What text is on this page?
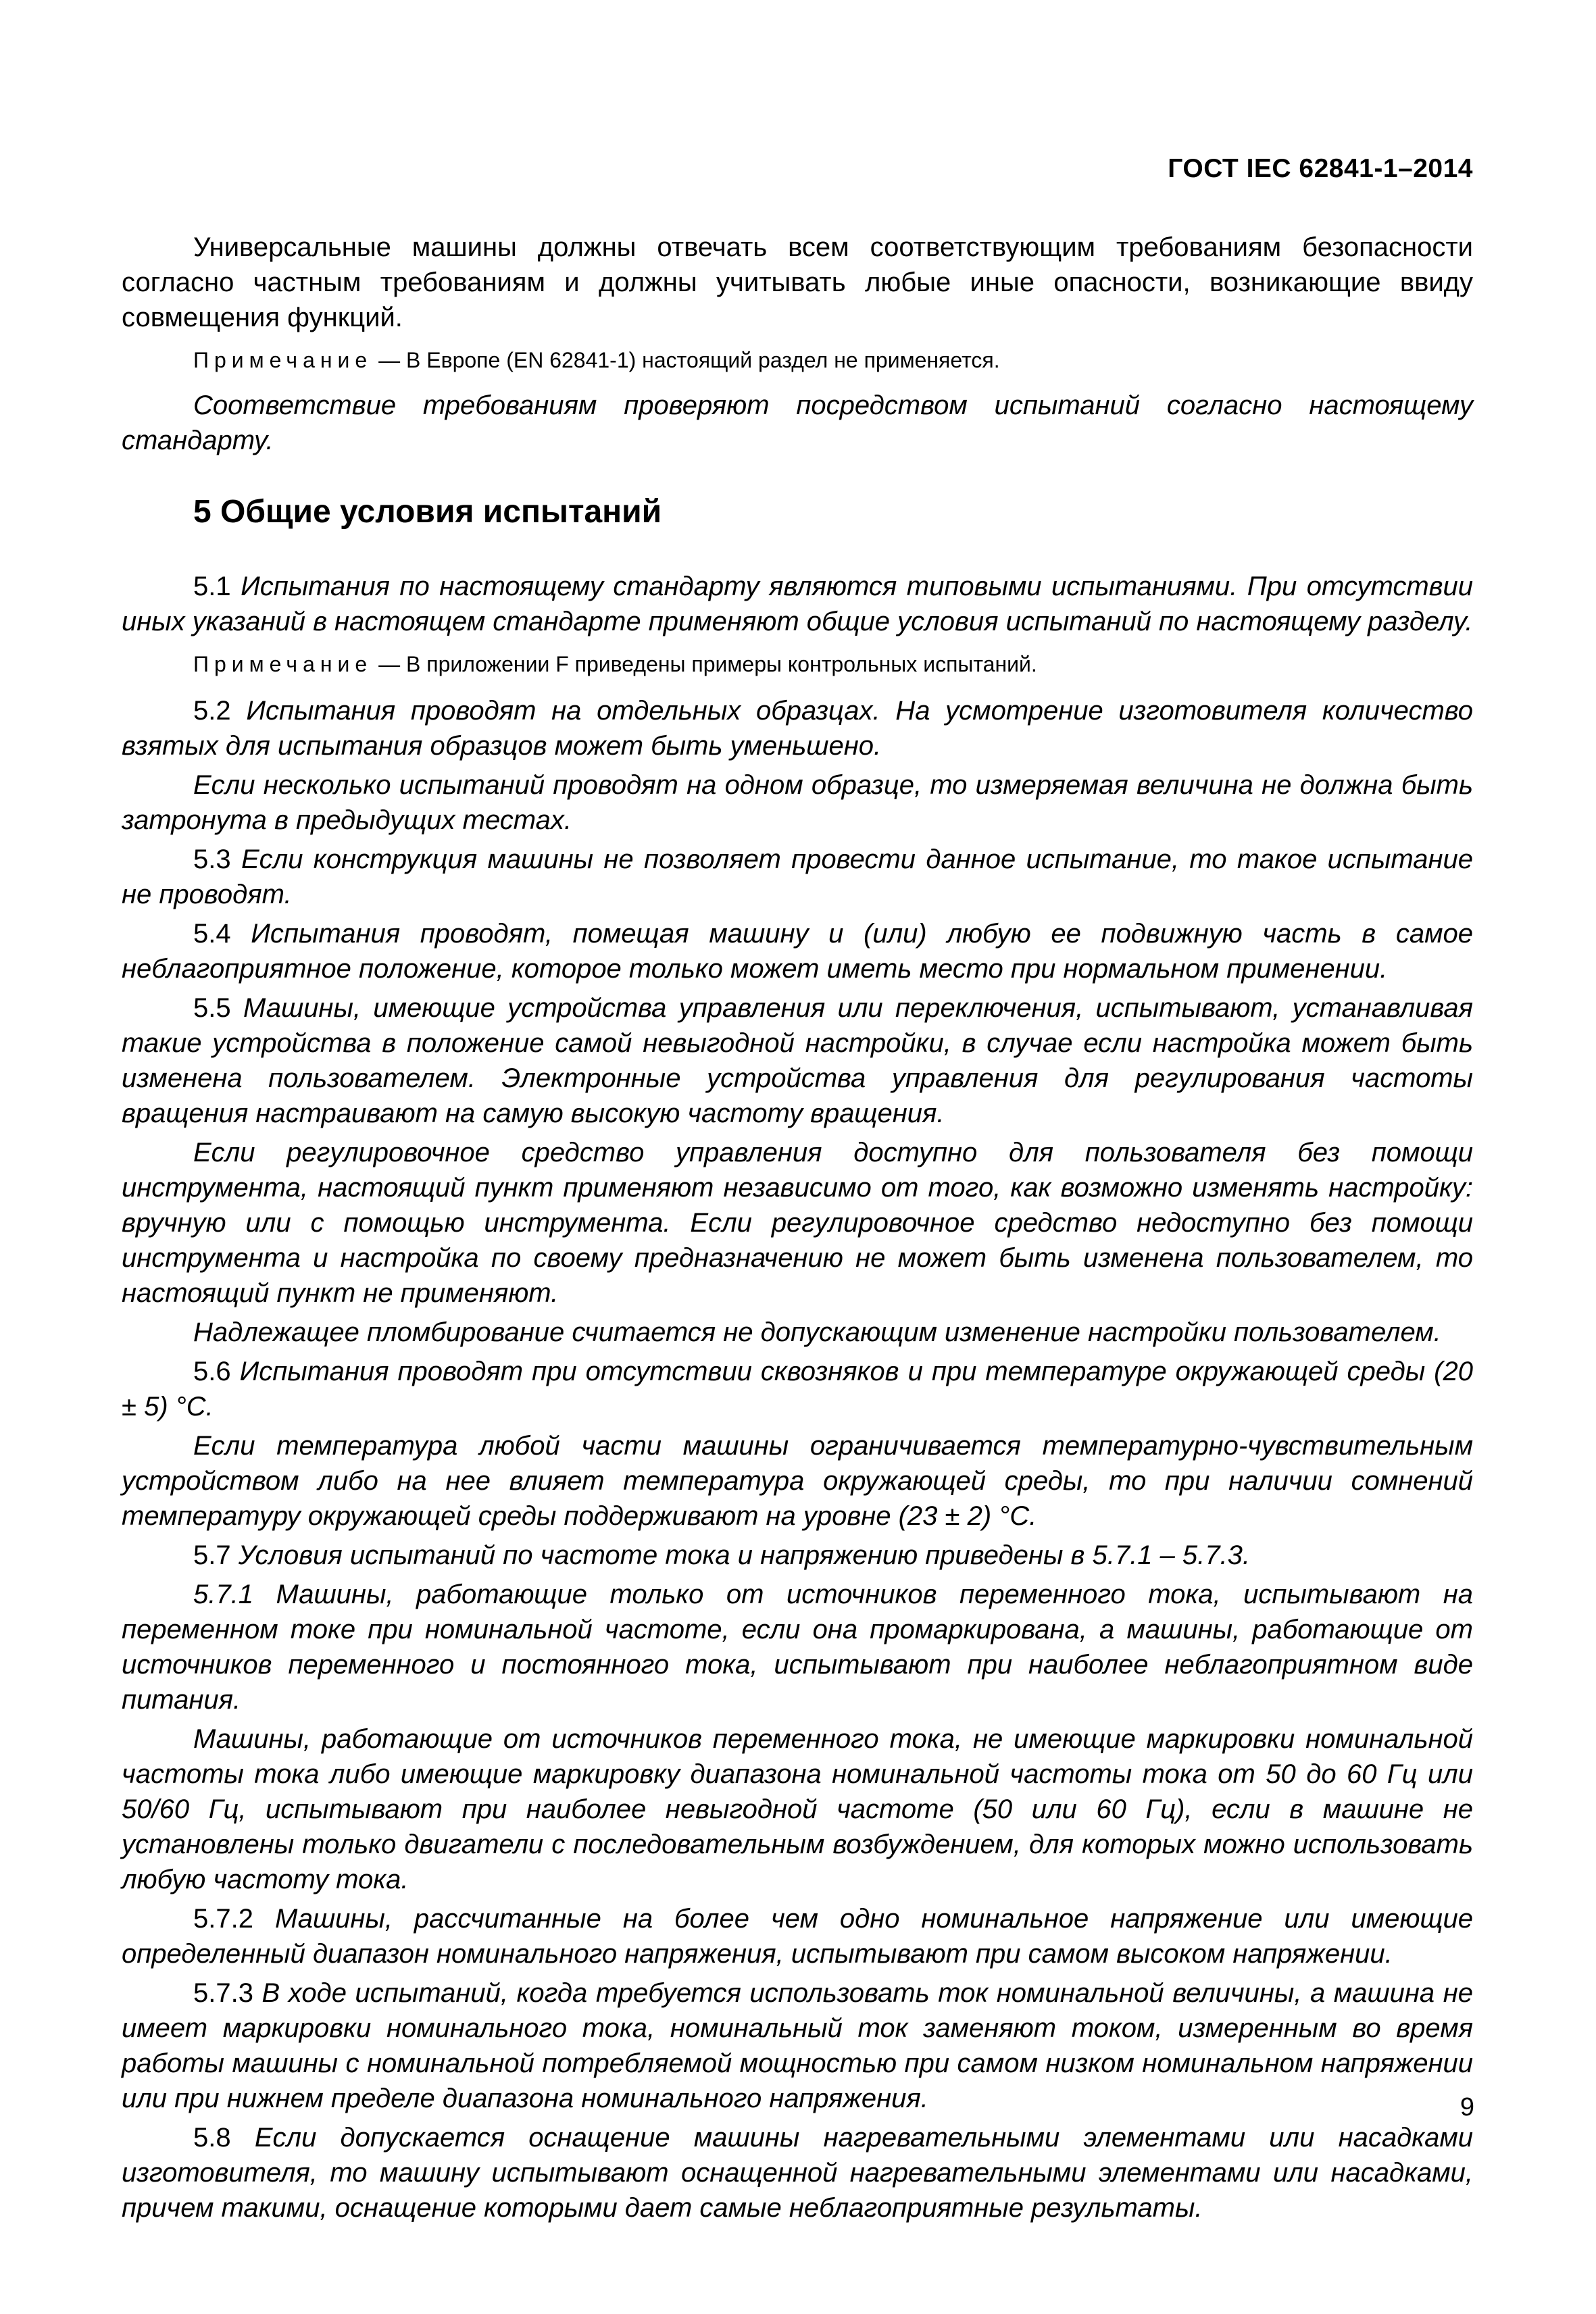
ГОСТ IEC 62841-1–2014

Универсальные машины должны отвечать всем соответствующим требованиям безопасности согласно частным требованиям и должны учитывать любые иные опасности, возникающие ввиду совмещения функций.

Примечание — В Европе (EN 62841-1) настоящий раздел не применяется.

Соответствие требованиям проверяют посредством испытаний согласно настоящему стандарту.

5 Общие условия испытаний

5.1 Испытания по настоящему стандарту являются типовыми испытаниями. При отсутствии иных указаний в настоящем стандарте применяют общие условия испытаний по настоящему разделу.

Примечание — В приложении F приведены примеры контрольных испытаний.

5.2 Испытания проводят на отдельных образцах. На усмотрение изготовителя количество взятых для испытания образцов может быть уменьшено.

Если несколько испытаний проводят на одном образце, то измеряемая величина не должна быть затронута в предыдущих тестах.

5.3 Если конструкция машины не позволяет провести данное испытание, то такое испытание не проводят.

5.4 Испытания проводят, помещая машину и (или) любую ее подвижную часть в самое неблагоприятное положение, которое только может иметь место при нормальном применении.

5.5 Машины, имеющие устройства управления или переключения, испытывают, устанавливая такие устройства в положение самой невыгодной настройки, в случае если настройка может быть изменена пользователем. Электронные устройства управления для регулирования частоты вращения настраивают на самую высокую частоту вращения.

Если регулировочное средство управления доступно для пользователя без помощи инструмента, настоящий пункт применяют независимо от того, как возможно изменять настройку: вручную или с помощью инструмента. Если регулировочное средство недоступно без помощи инструмента и настройка по своему предназначению не может быть изменена пользователем, то настоящий пункт не применяют.

Надлежащее пломбирование считается не допускающим изменение настройки пользователем.

5.6 Испытания проводят при отсутствии сквозняков и при температуре окружающей среды (20 ± 5) °C.

Если температура любой части машины ограничивается температурно-чувствительным устройством либо на нее влияет температура окружающей среды, то при наличии сомнений температуру окружающей среды поддерживают на уровне (23 ± 2) °C.

5.7 Условия испытаний по частоте тока и напряжению приведены в 5.7.1 – 5.7.3.

5.7.1 Машины, работающие только от источников переменного тока, испытывают на переменном токе при номинальной частоте, если она промаркирована, а машины, работающие от источников переменного и постоянного тока, испытывают при наиболее неблагоприятном виде питания.

Машины, работающие от источников переменного тока, не имеющие маркировки номинальной частоты тока либо имеющие маркировку диапазона номинальной частоты тока от 50 до 60 Гц или 50/60 Гц, испытывают при наиболее невыгодной частоте (50 или 60 Гц), если в машине не установлены только двигатели с последовательным возбуждением, для которых можно использовать любую частоту тока.

5.7.2 Машины, рассчитанные на более чем одно номинальное напряжение или имеющие определенный диапазон номинального напряжения, испытывают при самом высоком напряжении.

5.7.3 В ходе испытаний, когда требуется использовать ток номинальной величины, а машина не имеет маркировки номинального тока, номинальный ток заменяют током, измеренным во время работы машины с номинальной потребляемой мощностью при самом низком номинальном напряжении или при нижнем пределе диапазона номинального напряжения.

5.8 Если допускается оснащение машины нагревательными элементами или насадками изготовителя, то машину испытывают оснащенной нагревательными элементами или насадками, причем такими, оснащение которыми дает самые неблагоприятные результаты.

9
